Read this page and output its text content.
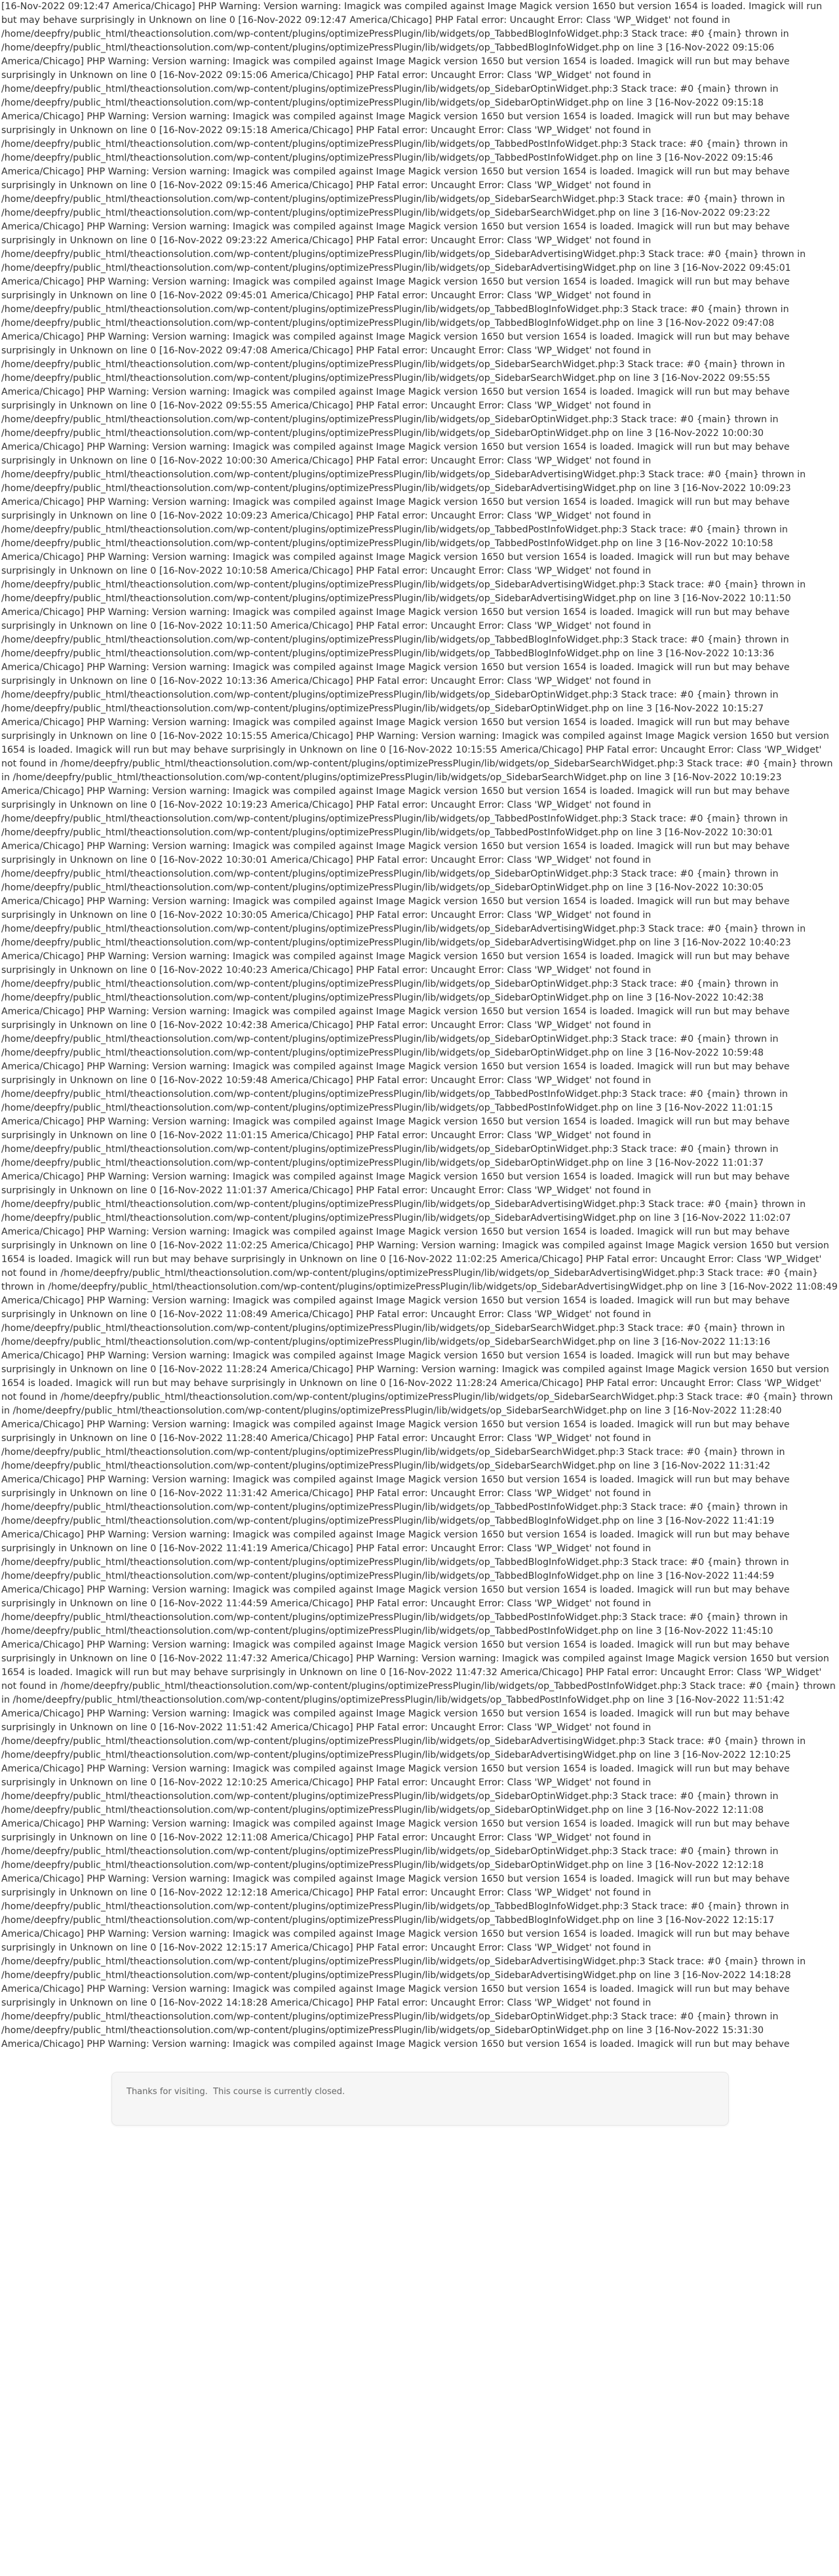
[16-Nov-2022 09:12:47 America/Chicago] PHP Warning: Version warning: Imagick was compiled against Image Magick version 1650 but version 1654 is loaded. Imagick will run but may behave surprisingly in Unknown on line 0 [16-Nov-2022 09:12:47 America/Chicago] PHP Fatal error: Uncaught Error: Class 'WP_Widget' not found in /home/deepfry/public_html/theactionsolution.com/wp-content/plugins/optimizePressPlugin/lib/widgets/op_TabbedBlogInfoWidget.php:3 Stack trace: #0 {main} thrown in /home/deepfry/public_html/theactionsolution.com/wp-content/plugins/optimizePressPlugin/lib/widgets/op_TabbedBlogInfoWidget.php on line 3 [16-Nov-2022 09:15:06 America/Chicago] PHP Warning: Version warning: Imagick was compiled against Image Magick version 1650 but version 1654 is loaded. Imagick will run but may behave surprisingly in Unknown on line 0 [16-Nov-2022 09:15:06 America/Chicago] PHP Fatal error: Uncaught Error: Class 'WP_Widget' not found in /home/deepfry/public_html/theactionsolution.com/wp-content/plugins/optimizePressPlugin/lib/widgets/op_SidebarOptinWidget.php:3 Stack trace: #0 {main} thrown in /home/deepfry/public_html/theactionsolution.com/wp-content/plugins/optimizePressPlugin/lib/widgets/op_SidebarOptinWidget.php on line 3 [16-Nov-2022 09:15:18 America/Chicago] PHP Warning: Version warning: Imagick was compiled against Image Magick version 1650 but version 1654 is loaded. Imagick will run but may behave surprisingly in Unknown on line 0 [16-Nov-2022 09:15:18 America/Chicago] PHP Fatal error: Uncaught Error: Class 'WP_Widget' not found in /home/deepfry/public_html/theactionsolution.com/wp-content/plugins/optimizePressPlugin/lib/widgets/op_TabbedPostInfoWidget.php:3 Stack trace: #0 {main} thrown in /home/deepfry/public_html/theactionsolution.com/wp-content/plugins/optimizePressPlugin/lib/widgets/op_TabbedPostInfoWidget.php on line 3 [16-Nov-2022 09:15:46 America/Chicago] PHP Warning: Version warning: Imagick was compiled against Image Magick version 1650 but version 1654 is loaded. Imagick will run but may behave surprisingly in Unknown on line 0 [16-Nov-2022 09:15:46 America/Chicago] PHP Fatal error: Uncaught Error: Class 'WP_Widget' not found in /home/deepfry/public_html/theactionsolution.com/wp-content/plugins/optimizePressPlugin/lib/widgets/op_SidebarSearchWidget.php:3 Stack trace: #0 {main} thrown in /home/deepfry/public_html/theactionsolution.com/wp-content/plugins/optimizePressPlugin/lib/widgets/op_SidebarSearchWidget.php on line 3 [16-Nov-2022 09:23:22 America/Chicago] PHP Warning: Version warning: Imagick was compiled against Image Magick version 1650 but version 1654 is loaded. Imagick will run but may behave surprisingly in Unknown on line 0 [16-Nov-2022 09:23:22 America/Chicago] PHP Fatal error: Uncaught Error: Class 'WP_Widget' not found in /home/deepfry/public_html/theactionsolution.com/wp-content/plugins/optimizePressPlugin/lib/widgets/op_SidebarAdvertisingWidget.php:3 Stack trace: #0 {main} thrown in /home/deepfry/public_html/theactionsolution.com/wp-content/plugins/optimizePressPlugin/lib/widgets/op_SidebarAdvertisingWidget.php on line 3 [16-Nov-2022 09:45:01 America/Chicago] PHP Warning: Version warning: Imagick was compiled against Image Magick version 1650 but version 1654 is loaded. Imagick will run but may behave surprisingly in Unknown on line 0 [16-Nov-2022 09:45:01 America/Chicago] PHP Fatal error: Uncaught Error: Class 'WP_Widget' not found in /home/deepfry/public_html/theactionsolution.com/wp-content/plugins/optimizePressPlugin/lib/widgets/op_TabbedBlogInfoWidget.php:3 Stack trace: #0 {main} thrown in /home/deepfry/public_html/theactionsolution.com/wp-content/plugins/optimizePressPlugin/lib/widgets/op_TabbedBlogInfoWidget.php on line 3 [16-Nov-2022 09:47:08 America/Chicago] PHP Warning: Version warning: Imagick was compiled against Image Magick version 1650 but version 1654 is loaded. Imagick will run but may behave surprisingly in Unknown on line 0 [16-Nov-2022 09:47:08 America/Chicago] PHP Fatal error: Uncaught Error: Class 'WP_Widget' not found in /home/deepfry/public_html/theactionsolution.com/wp-content/plugins/optimizePressPlugin/lib/widgets/op_SidebarSearchWidget.php:3 Stack trace: #0 {main} thrown in /home/deepfry/public_html/theactionsolution.com/wp-content/plugins/optimizePressPlugin/lib/widgets/op_SidebarSearchWidget.php on line 3 [16-Nov-2022 09:55:55 America/Chicago] PHP Warning: Version warning: Imagick was compiled against Image Magick version 1650 but version 1654 is loaded. Imagick will run but may behave surprisingly in Unknown on line 0 [16-Nov-2022 09:55:55 America/Chicago] PHP Fatal error: Uncaught Error: Class 'WP_Widget' not found in /home/deepfry/public_html/theactionsolution.com/wp-content/plugins/optimizePressPlugin/lib/widgets/op_SidebarOptinWidget.php:3 Stack trace: #0 {main} thrown in /home/deepfry/public_html/theactionsolution.com/wp-content/plugins/optimizePressPlugin/lib/widgets/op_SidebarOptinWidget.php on line 3 [16-Nov-2022 10:00:30 America/Chicago] PHP Warning: Version warning: Imagick was compiled against Image Magick version 1650 but version 1654 is loaded. Imagick will run but may behave surprisingly in Unknown on line 0 [16-Nov-2022 10:00:30 America/Chicago] PHP Fatal error: Uncaught Error: Class 'WP_Widget' not found in /home/deepfry/public_html/theactionsolution.com/wp-content/plugins/optimizePressPlugin/lib/widgets/op_SidebarAdvertisingWidget.php:3 Stack trace: #0 {main} thrown in /home/deepfry/public_html/theactionsolution.com/wp-content/plugins/optimizePressPlugin/lib/widgets/op_SidebarAdvertisingWidget.php on line 3 [16-Nov-2022 10:09:23 America/Chicago] PHP Warning: Version warning: Imagick was compiled against Image Magick version 1650 but version 1654 is loaded. Imagick will run but may behave surprisingly in Unknown on line 0 [16-Nov-2022 10:09:23 America/Chicago] PHP Fatal error: Uncaught Error: Class 'WP_Widget' not found in /home/deepfry/public_html/theactionsolution.com/wp-content/plugins/optimizePressPlugin/lib/widgets/op_TabbedPostInfoWidget.php:3 Stack trace: #0 {main} thrown in /home/deepfry/public_html/theactionsolution.com/wp-content/plugins/optimizePressPlugin/lib/widgets/op_TabbedPostInfoWidget.php on line 3 [16-Nov-2022 10:10:58 America/Chicago] PHP Warning: Version warning: Imagick was compiled against Image Magick version 1650 but version 1654 is loaded. Imagick will run but may behave surprisingly in Unknown on line 0 [16-Nov-2022 10:10:58 America/Chicago] PHP Fatal error: Uncaught Error: Class 'WP_Widget' not found in /home/deepfry/public_html/theactionsolution.com/wp-content/plugins/optimizePressPlugin/lib/widgets/op_SidebarAdvertisingWidget.php:3 Stack trace: #0 {main} thrown in /home/deepfry/public_html/theactionsolution.com/wp-content/plugins/optimizePressPlugin/lib/widgets/op_SidebarAdvertisingWidget.php on line 3 [16-Nov-2022 10:11:50 America/Chicago] PHP Warning: Version warning: Imagick was compiled against Image Magick version 1650 but version 1654 is loaded. Imagick will run but may behave surprisingly in Unknown on line 0 [16-Nov-2022 10:11:50 America/Chicago] PHP Fatal error: Uncaught Error: Class 'WP_Widget' not found in /home/deepfry/public_html/theactionsolution.com/wp-content/plugins/optimizePressPlugin/lib/widgets/op_TabbedBlogInfoWidget.php:3 Stack trace: #0 {main} thrown in /home/deepfry/public_html/theactionsolution.com/wp-content/plugins/optimizePressPlugin/lib/widgets/op_TabbedBlogInfoWidget.php on line 3 [16-Nov-2022 10:13:36 America/Chicago] PHP Warning: Version warning: Imagick was compiled against Image Magick version 1650 but version 1654 is loaded. Imagick will run but may behave surprisingly in Unknown on line 0 [16-Nov-2022 10:13:36 America/Chicago] PHP Fatal error: Uncaught Error: Class 'WP_Widget' not found in /home/deepfry/public_html/theactionsolution.com/wp-content/plugins/optimizePressPlugin/lib/widgets/op_SidebarOptinWidget.php:3 Stack trace: #0 {main} thrown in /home/deepfry/public_html/theactionsolution.com/wp-content/plugins/optimizePressPlugin/lib/widgets/op_SidebarOptinWidget.php on line 3 [16-Nov-2022 10:15:27 America/Chicago] PHP Warning: Version warning: Imagick was compiled against Image Magick version 1650 but version 1654 is loaded. Imagick will run but may behave surprisingly in Unknown on line 0 [16-Nov-2022 10:15:55 America/Chicago] PHP Warning: Version warning: Imagick was compiled against Image Magick version 1650 but version 1654 is loaded. Imagick will run but may behave surprisingly in Unknown on line 0 [16-Nov-2022 10:15:55 America/Chicago] PHP Fatal error: Uncaught Error: Class 'WP_Widget' not found in /home/deepfry/public_html/theactionsolution.com/wp-content/plugins/optimizePressPlugin/lib/widgets/op_SidebarSearchWidget.php:3 Stack trace: #0 {main} thrown in /home/deepfry/public_html/theactionsolution.com/wp-content/plugins/optimizePressPlugin/lib/widgets/op_SidebarSearchWidget.php on line 3 [16-Nov-2022 10:19:23 America/Chicago] PHP Warning: Version warning: Imagick was compiled against Image Magick version 1650 but version 1654 is loaded. Imagick will run but may behave surprisingly in Unknown on line 0 [16-Nov-2022 10:19:23 America/Chicago] PHP Fatal error: Uncaught Error: Class 'WP_Widget' not found in /home/deepfry/public_html/theactionsolution.com/wp-content/plugins/optimizePressPlugin/lib/widgets/op_TabbedPostInfoWidget.php:3 Stack trace: #0 {main} thrown in /home/deepfry/public_html/theactionsolution.com/wp-content/plugins/optimizePressPlugin/lib/widgets/op_TabbedPostInfoWidget.php on line 3 [16-Nov-2022 10:30:01 America/Chicago] PHP Warning: Version warning: Imagick was compiled against Image Magick version 1650 but version 1654 is loaded. Imagick will run but may behave surprisingly in Unknown on line 0 [16-Nov-2022 10:30:01 America/Chicago] PHP Fatal error: Uncaught Error: Class 'WP_Widget' not found in /home/deepfry/public_html/theactionsolution.com/wp-content/plugins/optimizePressPlugin/lib/widgets/op_SidebarOptinWidget.php:3 Stack trace: #0 {main} thrown in /home/deepfry/public_html/theactionsolution.com/wp-content/plugins/optimizePressPlugin/lib/widgets/op_SidebarOptinWidget.php on line 3 [16-Nov-2022 10:30:05 America/Chicago] PHP Warning: Version warning: Imagick was compiled against Image Magick version 1650 but version 1654 is loaded. Imagick will run but may behave surprisingly in Unknown on line 0 [16-Nov-2022 10:30:05 America/Chicago] PHP Fatal error: Uncaught Error: Class 'WP_Widget' not found in /home/deepfry/public_html/theactionsolution.com/wp-content/plugins/optimizePressPlugin/lib/widgets/op_SidebarAdvertisingWidget.php:3 Stack trace: #0 {main} thrown in /home/deepfry/public_html/theactionsolution.com/wp-content/plugins/optimizePressPlugin/lib/widgets/op_SidebarAdvertisingWidget.php on line 3 [16-Nov-2022 10:40:23 America/Chicago] PHP Warning: Version warning: Imagick was compiled against Image Magick version 1650 but version 1654 is loaded. Imagick will run but may behave surprisingly in Unknown on line 0 [16-Nov-2022 10:40:23 America/Chicago] PHP Fatal error: Uncaught Error: Class 'WP_Widget' not found in /home/deepfry/public_html/theactionsolution.com/wp-content/plugins/optimizePressPlugin/lib/widgets/op_SidebarOptinWidget.php:3 Stack trace: #0 {main} thrown in /home/deepfry/public_html/theactionsolution.com/wp-content/plugins/optimizePressPlugin/lib/widgets/op_SidebarOptinWidget.php on line 3 [16-Nov-2022 10:42:38 America/Chicago] PHP Warning: Version warning: Imagick was compiled against Image Magick version 1650 but version 1654 is loaded. Imagick will run but may behave surprisingly in Unknown on line 0 [16-Nov-2022 10:42:38 America/Chicago] PHP Fatal error: Uncaught Error: Class 'WP_Widget' not found in /home/deepfry/public_html/theactionsolution.com/wp-content/plugins/optimizePressPlugin/lib/widgets/op_SidebarOptinWidget.php:3 Stack trace: #0 {main} thrown in /home/deepfry/public_html/theactionsolution.com/wp-content/plugins/optimizePressPlugin/lib/widgets/op_SidebarOptinWidget.php on line 3 [16-Nov-2022 10:59:48 America/Chicago] PHP Warning: Version warning: Imagick was compiled against Image Magick version 1650 but version 1654 is loaded. Imagick will run but may behave surprisingly in Unknown on line 0 [16-Nov-2022 10:59:48 America/Chicago] PHP Fatal error: Uncaught Error: Class 'WP_Widget' not found in /home/deepfry/public_html/theactionsolution.com/wp-content/plugins/optimizePressPlugin/lib/widgets/op_TabbedPostInfoWidget.php:3 Stack trace: #0 {main} thrown in /home/deepfry/public_html/theactionsolution.com/wp-content/plugins/optimizePressPlugin/lib/widgets/op_TabbedPostInfoWidget.php on line 3 [16-Nov-2022 11:01:15 America/Chicago] PHP Warning: Version warning: Imagick was compiled against Image Magick version 1650 but version 1654 is loaded. Imagick will run but may behave surprisingly in Unknown on line 0 [16-Nov-2022 11:01:15 America/Chicago] PHP Fatal error: Uncaught Error: Class 'WP_Widget' not found in /home/deepfry/public_html/theactionsolution.com/wp-content/plugins/optimizePressPlugin/lib/widgets/op_SidebarOptinWidget.php:3 Stack trace: #0 {main} thrown in /home/deepfry/public_html/theactionsolution.com/wp-content/plugins/optimizePressPlugin/lib/widgets/op_SidebarOptinWidget.php on line 3 [16-Nov-2022 11:01:37 America/Chicago] PHP Warning: Version warning: Imagick was compiled against Image Magick version 1650 but version 1654 is loaded. Imagick will run but may behave surprisingly in Unknown on line 0 [16-Nov-2022 11:01:37 America/Chicago] PHP Fatal error: Uncaught Error: Class 'WP_Widget' not found in /home/deepfry/public_html/theactionsolution.com/wp-content/plugins/optimizePressPlugin/lib/widgets/op_SidebarAdvertisingWidget.php:3 Stack trace: #0 {main} thrown in /home/deepfry/public_html/theactionsolution.com/wp-content/plugins/optimizePressPlugin/lib/widgets/op_SidebarAdvertisingWidget.php on line 3 [16-Nov-2022 11:02:07 America/Chicago] PHP Warning: Version warning: Imagick was compiled against Image Magick version 1650 but version 1654 is loaded. Imagick will run but may behave surprisingly in Unknown on line 0 [16-Nov-2022 11:02:25 America/Chicago] PHP Warning: Version warning: Imagick was compiled against Image Magick version 1650 but version 1654 is loaded. Imagick will run but may behave surprisingly in Unknown on line 0 [16-Nov-2022 11:02:25 America/Chicago] PHP Fatal error: Uncaught Error: Class 'WP_Widget' not found in /home/deepfry/public_html/theactionsolution.com/wp-content/plugins/optimizePressPlugin/lib/widgets/op_SidebarAdvertisingWidget.php:3 Stack trace: #0 {main} thrown in /home/deepfry/public_html/theactionsolution.com/wp-content/plugins/optimizePressPlugin/lib/widgets/op_SidebarAdvertisingWidget.php on line 3 [16-Nov-2022 11:08:49 America/Chicago] PHP Warning: Version warning: Imagick was compiled against Image Magick version 1650 but version 1654 is loaded. Imagick will run but may behave surprisingly in Unknown on line 0 [16-Nov-2022 11:08:49 America/Chicago] PHP Fatal error: Uncaught Error: Class 'WP_Widget' not found in /home/deepfry/public_html/theactionsolution.com/wp-content/plugins/optimizePressPlugin/lib/widgets/op_SidebarSearchWidget.php:3 Stack trace: #0 {main} thrown in /home/deepfry/public_html/theactionsolution.com/wp-content/plugins/optimizePressPlugin/lib/widgets/op_SidebarSearchWidget.php on line 3 [16-Nov-2022 11:13:16 America/Chicago] PHP Warning: Version warning: Imagick was compiled against Image Magick version 1650 but version 1654 is loaded. Imagick will run but may behave surprisingly in Unknown on line 0 [16-Nov-2022 11:28:24 America/Chicago] PHP Warning: Version warning: Imagick was compiled against Image Magick version 1650 but version 1654 is loaded. Imagick will run but may behave surprisingly in Unknown on line 0 [16-Nov-2022 11:28:24 America/Chicago] PHP Fatal error: Uncaught Error: Class 'WP_Widget' not found in /home/deepfry/public_html/theactionsolution.com/wp-content/plugins/optimizePressPlugin/lib/widgets/op_SidebarSearchWidget.php:3 Stack trace: #0 {main} thrown in /home/deepfry/public_html/theactionsolution.com/wp-content/plugins/optimizePressPlugin/lib/widgets/op_SidebarSearchWidget.php on line 3 [16-Nov-2022 11:28:40 America/Chicago] PHP Warning: Version warning: Imagick was compiled against Image Magick version 1650 but version 1654 is loaded. Imagick will run but may behave surprisingly in Unknown on line 0 [16-Nov-2022 11:28:40 America/Chicago] PHP Fatal error: Uncaught Error: Class 'WP_Widget' not found in /home/deepfry/public_html/theactionsolution.com/wp-content/plugins/optimizePressPlugin/lib/widgets/op_SidebarSearchWidget.php:3 Stack trace: #0 {main} thrown in /home/deepfry/public_html/theactionsolution.com/wp-content/plugins/optimizePressPlugin/lib/widgets/op_SidebarSearchWidget.php on line 3 [16-Nov-2022 11:31:42 America/Chicago] PHP Warning: Version warning: Imagick was compiled against Image Magick version 1650 but version 1654 is loaded. Imagick will run but may behave surprisingly in Unknown on line 0 [16-Nov-2022 11:31:42 America/Chicago] PHP Fatal error: Uncaught Error: Class 'WP_Widget' not found in /home/deepfry/public_html/theactionsolution.com/wp-content/plugins/optimizePressPlugin/lib/widgets/op_TabbedPostInfoWidget.php:3 Stack trace: #0 {main} thrown in /home/deepfry/public_html/theactionsolution.com/wp-content/plugins/optimizePressPlugin/lib/widgets/op_TabbedBlogInfoWidget.php on line 3 [16-Nov-2022 11:41:19 America/Chicago] PHP Warning: Version warning: Imagick was compiled against Image Magick version 1650 but version 1654 is loaded. Imagick will run but may behave surprisingly in Unknown on line 0 [16-Nov-2022 11:41:19 America/Chicago] PHP Fatal error: Uncaught Error: Class 'WP_Widget' not found in /home/deepfry/public_html/theactionsolution.com/wp-content/plugins/optimizePressPlugin/lib/widgets/op_TabbedBlogInfoWidget.php:3 Stack trace: #0 {main} thrown in /home/deepfry/public_html/theactionsolution.com/wp-content/plugins/optimizePressPlugin/lib/widgets/op_TabbedBlogInfoWidget.php on line 3 [16-Nov-2022 11:44:59 America/Chicago] PHP Warning: Version warning: Imagick was compiled against Image Magick version 1650 but version 1654 is loaded. Imagick will run but may behave surprisingly in Unknown on line 0 [16-Nov-2022 11:44:59 America/Chicago] PHP Fatal error: Uncaught Error: Class 'WP_Widget' not found in /home/deepfry/public_html/theactionsolution.com/wp-content/plugins/optimizePressPlugin/lib/widgets/op_TabbedPostInfoWidget.php:3 Stack trace: #0 {main} thrown in /home/deepfry/public_html/theactionsolution.com/wp-content/plugins/optimizePressPlugin/lib/widgets/op_TabbedPostInfoWidget.php on line 3 [16-Nov-2022 11:45:10 America/Chicago] PHP Warning: Version warning: Imagick was compiled against Image Magick version 1650 but version 1654 is loaded. Imagick will run but may behave surprisingly in Unknown on line 0 [16-Nov-2022 11:47:32 America/Chicago] PHP Warning: Version warning: Imagick was compiled against Image Magick version 1650 but version 1654 is loaded. Imagick will run but may behave surprisingly in Unknown on line 0 [16-Nov-2022 11:47:32 America/Chicago] PHP Fatal error: Uncaught Error: Class 'WP_Widget' not found in /home/deepfry/public_html/theactionsolution.com/wp-content/plugins/optimizePressPlugin/lib/widgets/op_TabbedPostInfoWidget.php:3 Stack trace: #0 {main} thrown in /home/deepfry/public_html/theactionsolution.com/wp-content/plugins/optimizePressPlugin/lib/widgets/op_TabbedPostInfoWidget.php on line 3 [16-Nov-2022 11:51:42 America/Chicago] PHP Warning: Version warning: Imagick was compiled against Image Magick version 1650 but version 1654 is loaded. Imagick will run but may behave surprisingly in Unknown on line 0 [16-Nov-2022 11:51:42 America/Chicago] PHP Fatal error: Uncaught Error: Class 'WP_Widget' not found in /home/deepfry/public_html/theactionsolution.com/wp-content/plugins/optimizePressPlugin/lib/widgets/op_SidebarAdvertisingWidget.php:3 Stack trace: #0 {main} thrown in /home/deepfry/public_html/theactionsolution.com/wp-content/plugins/optimizePressPlugin/lib/widgets/op_SidebarAdvertisingWidget.php on line 3 [16-Nov-2022 12:10:25 America/Chicago] PHP Warning: Version warning: Imagick was compiled against Image Magick version 1650 but version 1654 is loaded. Imagick will run but may behave surprisingly in Unknown on line 0 [16-Nov-2022 12:10:25 America/Chicago] PHP Fatal error: Uncaught Error: Class 'WP_Widget' not found in /home/deepfry/public_html/theactionsolution.com/wp-content/plugins/optimizePressPlugin/lib/widgets/op_SidebarOptinWidget.php:3 Stack trace: #0 {main} thrown in /home/deepfry/public_html/theactionsolution.com/wp-content/plugins/optimizePressPlugin/lib/widgets/op_SidebarOptinWidget.php on line 3 [16-Nov-2022 12:11:08 America/Chicago] PHP Warning: Version warning: Imagick was compiled against Image Magick version 1650 but version 1654 is loaded. Imagick will run but may behave surprisingly in Unknown on line 0 [16-Nov-2022 12:11:08 America/Chicago] PHP Fatal error: Uncaught Error: Class 'WP_Widget' not found in /home/deepfry/public_html/theactionsolution.com/wp-content/plugins/optimizePressPlugin/lib/widgets/op_SidebarOptinWidget.php:3 Stack trace: #0 {main} thrown in /home/deepfry/public_html/theactionsolution.com/wp-content/plugins/optimizePressPlugin/lib/widgets/op_SidebarOptinWidget.php on line 3 [16-Nov-2022 12:12:18 America/Chicago] PHP Warning: Version warning: Imagick was compiled against Image Magick version 1650 but version 1654 is loaded. Imagick will run but may behave surprisingly in Unknown on line 0 [16-Nov-2022 12:12:18 America/Chicago] PHP Fatal error: Uncaught Error: Class 'WP_Widget' not found in /home/deepfry/public_html/theactionsolution.com/wp-content/plugins/optimizePressPlugin/lib/widgets/op_TabbedBlogInfoWidget.php:3 Stack trace: #0 {main} thrown in /home/deepfry/public_html/theactionsolution.com/wp-content/plugins/optimizePressPlugin/lib/widgets/op_TabbedBlogInfoWidget.php on line 3 [16-Nov-2022 12:15:17 America/Chicago] PHP Warning: Version warning: Imagick was compiled against Image Magick version 1650 but version 1654 is loaded. Imagick will run but may behave surprisingly in Unknown on line 0 [16-Nov-2022 12:15:17 America/Chicago] PHP Fatal error: Uncaught Error: Class 'WP_Widget' not found in /home/deepfry/public_html/theactionsolution.com/wp-content/plugins/optimizePressPlugin/lib/widgets/op_SidebarAdvertisingWidget.php:3 Stack trace: #0 {main} thrown in /home/deepfry/public_html/theactionsolution.com/wp-content/plugins/optimizePressPlugin/lib/widgets/op_SidebarAdvertisingWidget.php on line 3 [16-Nov-2022 14:18:28 America/Chicago] PHP Warning: Version warning: Imagick was compiled against Image Magick version 1650 but version 1654 is loaded. Imagick will run but may behave surprisingly in Unknown on line 0 [16-Nov-2022 14:18:28 America/Chicago] PHP Fatal error: Uncaught Error: Class 'WP_Widget' not found in /home/deepfry/public_html/theactionsolution.com/wp-content/plugins/optimizePressPlugin/lib/widgets/op_SidebarOptinWidget.php:3 Stack trace: #0 {main} thrown in /home/deepfry/public_html/theactionsolution.com/wp-content/plugins/optimizePressPlugin/lib/widgets/op_SidebarOptinWidget.php on line 3 [16-Nov-2022 15:31:30 America/Chicago] PHP Warning: Version warning: Imagick was compiled against Image Magick version 1650 but version 1654 is loaded. Imagick will run but may behave
Thanks for visiting.  This course is currently closed.
